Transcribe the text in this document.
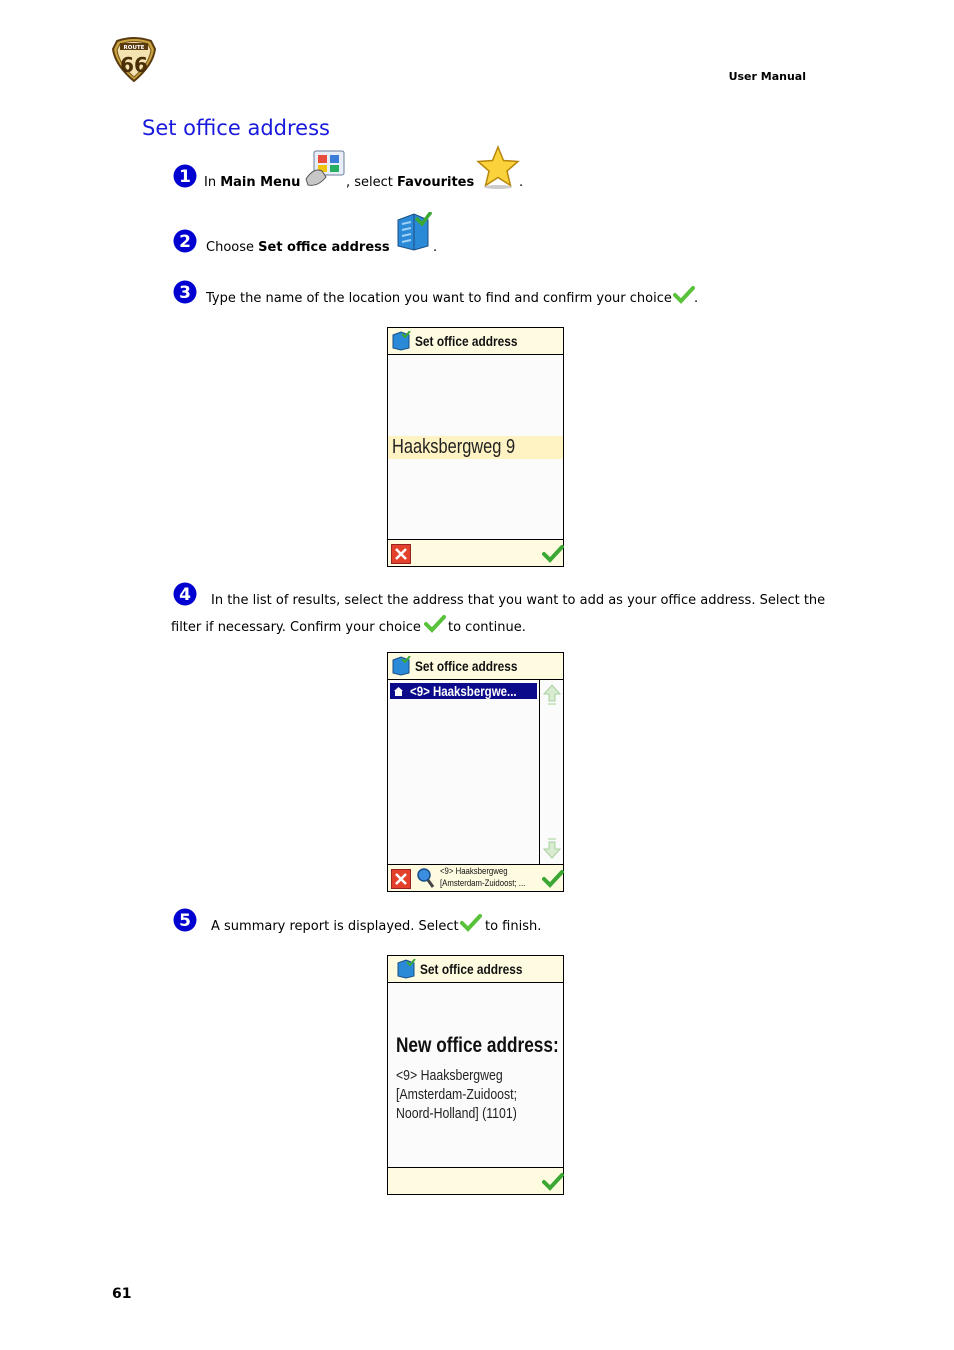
ROUTE
66	User Manual
Set office address
1 In Main Menu	, select Favourites	.
2 Choose Set office address	.
3 Type the name of the location you want to find and confirm your choice .
Set office address
Haaksbergweg 9
4 In the list of results, select the address that you want to add as your office address. Select the
filter if necessary. Confirm your choice to continue.
Set office address
<9> Haaksbergwe...
<9> Haaksbergweg
[Amsterdam-Zuidoost; ...
5 A summary report is displayed. Select to finish.
Set office address
New office address:
<9> Haaksbergweg
[Amsterdam-Zuidoost;
Noord-Holland] (1101)
61
